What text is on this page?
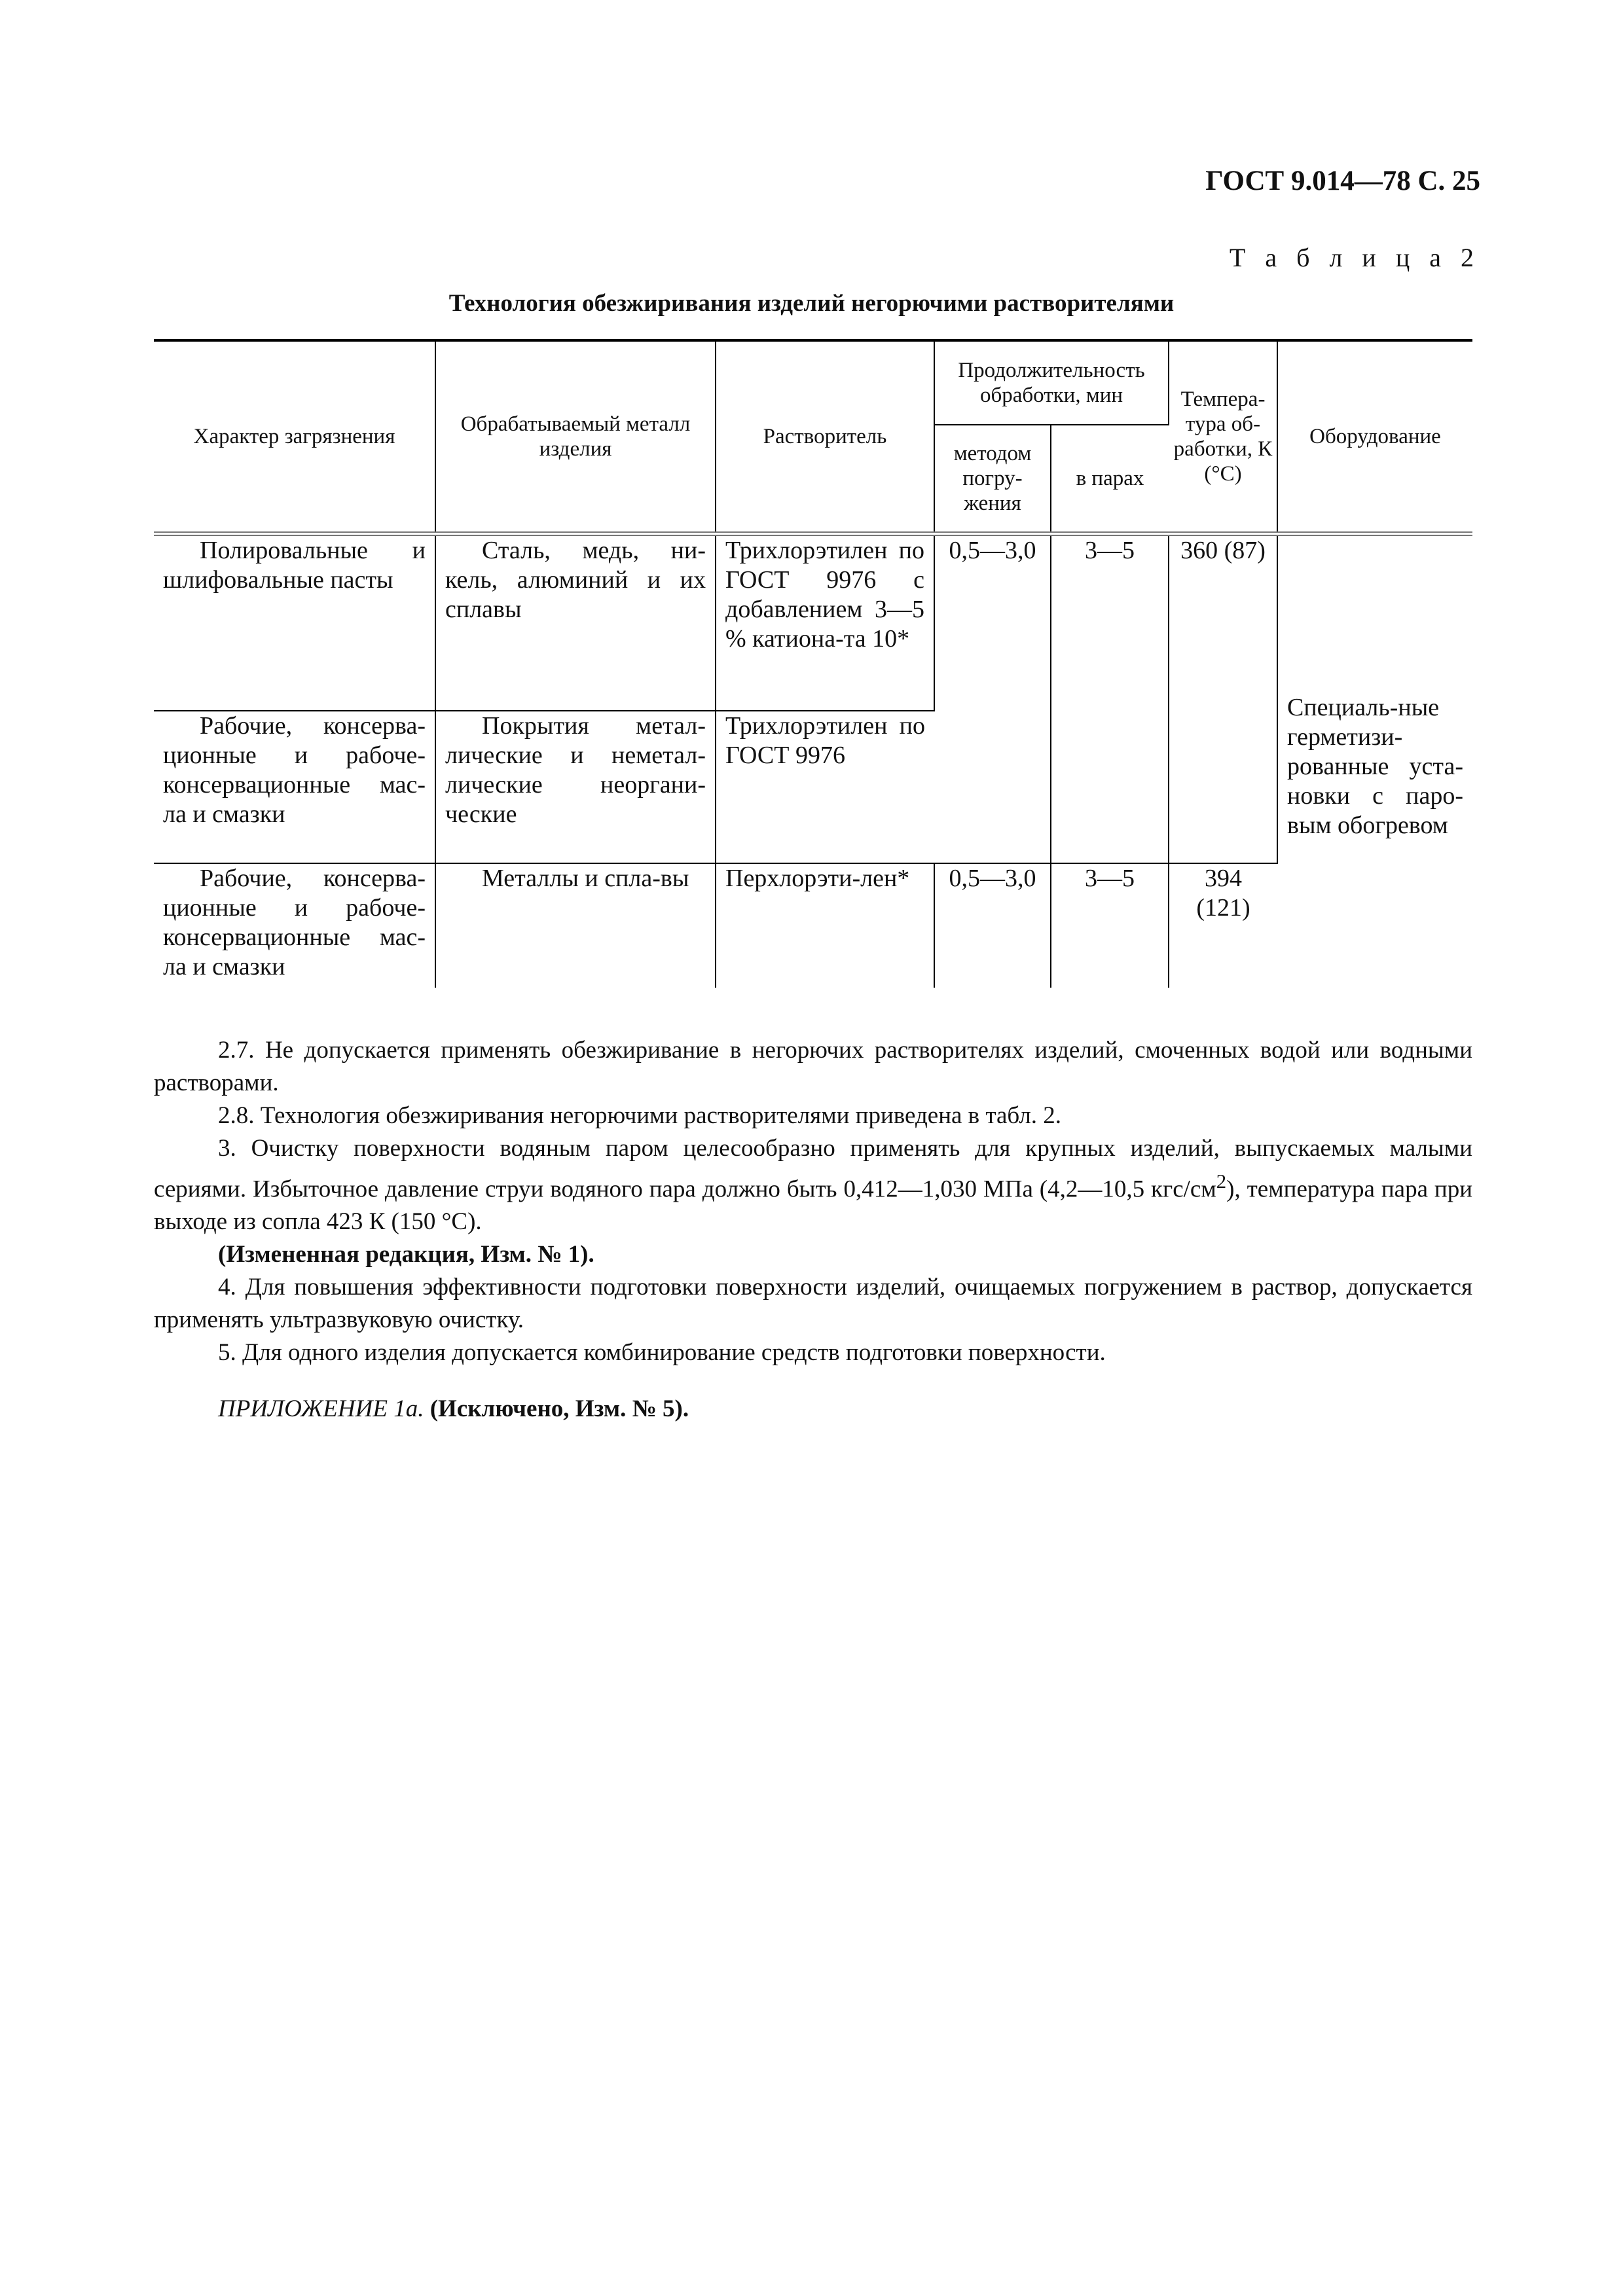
ГОСТ 9.014—78 С. 25
Т а б л и ц а 2
Технология обезжиривания изделий негорючими растворителями
Характер загрязнения	Обрабатываемый металл изделия	Растворитель	Продолжительность обработки, мин		Темпера-тура об-работки, К (°С)	Оборудование
			методом погру-жения	в парах		
Полировальные и шлифовальные пасты	Сталь, медь, ни-кель, алюминий и их сплавы	Трихлорэтилен по ГОСТ 9976 с добавлением 3—5 % катиона-та 10*	0,5—3,0	3—5	360 (87)	Специаль-ные герметизи-рованные уста-новки с паро-вым обогревом
Рабочие, консерва-ционные и рабоче-консервационные мас-ла и смазки	Покрытия метал-лические и неметал-лические неоргани-ческие	Трихлорэтилен по ГОСТ 9976				
Рабочие, консерва-ционные и рабоче-консервационные мас-ла и смазки	Металлы и спла-вы	Перхлорэти-лен*	0,5—3,0	3—5	394 (121)	

2.7. Не допускается применять обезжиривание в негорючих растворителях изделий, смоченных водой или водными растворами.

2.8. Технология обезжиривания негорючими растворителями приведена в табл. 2.

3. Очистку поверхности водяным паром целесообразно применять для крупных изделий, выпускаемых малыми сериями. Избыточное давление струи водяного пара должно быть 0,412—1,030 МПа (4,2—10,5 кгс/$см^2$), температура пара при выходе из сопла 423 К (150 °С).

(Измененная редакция, Изм. № 1).

4. Для повышения эффективности подготовки поверхности изделий, очищаемых погружением в раствор, допускается применять ультразвуковую очистку.

5. Для одного изделия допускается комбинирование средств подготовки поверхности.

ПРИЛОЖЕНИЕ 1а. (Исключено, Изм. № 5).
